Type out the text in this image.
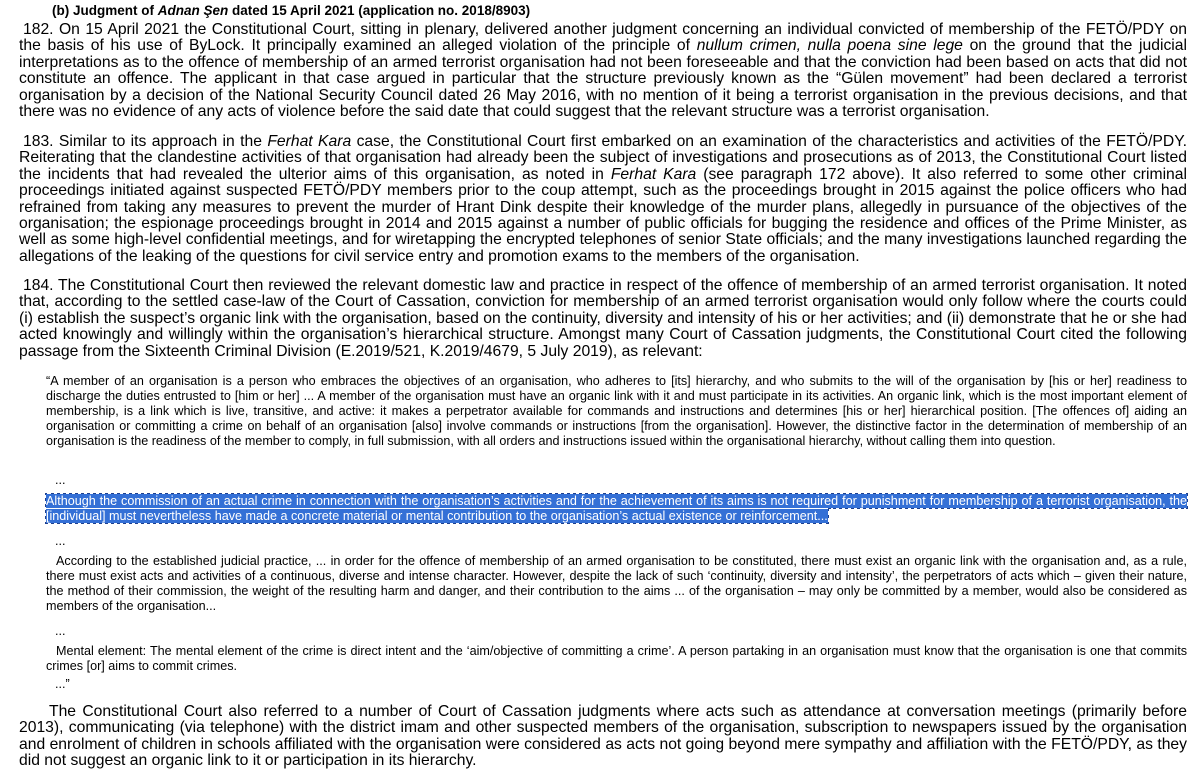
(b) Judgment of Adnan Şen dated 15 April 2021 (application no. 2018/8903)
182. On 15 April 2021 the Constitutional Court, sitting in plenary, delivered another judgment concerning an individual convicted of membership of the FETÖ/PDY on the basis of his use of ByLock. It principally examined an alleged violation of the principle of nullum crimen, nulla poena sine lege on the ground that the judicial interpretations as to the offence of membership of an armed terrorist organisation had not been foreseeable and that the conviction had been based on acts that did not constitute an offence. The applicant in that case argued in particular that the structure previously known as the “Gülen movement” had been declared a terrorist organisation by a decision of the National Security Council dated 26 May 2016, with no mention of it being a terrorist organisation in the previous decisions, and that there was no evidence of any acts of violence before the said date that could suggest that the relevant structure was a terrorist organisation.
183. Similar to its approach in the Ferhat Kara case, the Constitutional Court first embarked on an examination of the characteristics and activities of the FETÖ/PDY. Reiterating that the clandestine activities of that organisation had already been the subject of investigations and prosecutions as of 2013, the Constitutional Court listed the incidents that had revealed the ulterior aims of this organisation, as noted in Ferhat Kara (see paragraph 172 above). It also referred to some other criminal proceedings initiated against suspected FETÖ/PDY members prior to the coup attempt, such as the proceedings brought in 2015 against the police officers who had refrained from taking any measures to prevent the murder of Hrant Dink despite their knowledge of the murder plans, allegedly in pursuance of the objectives of the organisation; the espionage proceedings brought in 2014 and 2015 against a number of public officials for bugging the residence and offices of the Prime Minister, as well as some high-level confidential meetings, and for wiretapping the encrypted telephones of senior State officials; and the many investigations launched regarding the allegations of the leaking of the questions for civil service entry and promotion exams to the members of the organisation.
184. The Constitutional Court then reviewed the relevant domestic law and practice in respect of the offence of membership of an armed terrorist organisation. It noted that, according to the settled case-law of the Court of Cassation, conviction for membership of an armed terrorist organisation would only follow where the courts could (i) establish the suspect’s organic link with the organisation, based on the continuity, diversity and intensity of his or her activities; and (ii) demonstrate that he or she had acted knowingly and willingly within the organisation’s hierarchical structure. Amongst many Court of Cassation judgments, the Constitutional Court cited the following passage from the Sixteenth Criminal Division (E.2019/521, K.2019/4679, 5 July 2019), as relevant:
“A member of an organisation is a person who embraces the objectives of an organisation, who adheres to [its] hierarchy, and who submits to the will of the organisation by [his or her] readiness to discharge the duties entrusted to [him or her] ... A member of the organisation must have an organic link with it and must participate in its activities. An organic link, which is the most important element of membership, is a link which is live, transitive, and active: it makes a perpetrator available for commands and instructions and determines [his or her] hierarchical position. [The offences of] aiding an organisation or committing a crime on behalf of an organisation [also] involve commands or instructions [from the organisation]. However, the distinctive factor in the determination of membership of an organisation is the readiness of the member to comply, in full submission, with all orders and instructions issued within the organisational hierarchy, without calling them into question.
...
Although the commission of an actual crime in connection with the organisation’s activities and for the achievement of its aims is not required for punishment for membership of a terrorist organisation, the [individual] must nevertheless have made a concrete material or mental contribution to the organisation’s actual existence or reinforcement...
...
According to the established judicial practice, ... in order for the offence of membership of an armed organisation to be constituted, there must exist an organic link with the organisation and, as a rule, there must exist acts and activities of a continuous, diverse and intense character. However, despite the lack of such ‘continuity, diversity and intensity’, the perpetrators of acts which – given their nature, the method of their commission, the weight of the resulting harm and danger, and their contribution to the aims ... of the organisation – may only be committed by a member, would also be considered as members of the organisation...
...
Mental element: The mental element of the crime is direct intent and the ‘aim/objective of committing a crime’. A person partaking in an organisation must know that the organisation is one that commits crimes [or] aims to commit crimes.
...”
The Constitutional Court also referred to a number of Court of Cassation judgments where acts such as attendance at conversation meetings (primarily before 2013), communicating (via telephone) with the district imam and other suspected members of the organisation, subscription to newspapers issued by the organisation and enrolment of children in schools affiliated with the organisation were considered as acts not going beyond mere sympathy and affiliation with the FETÖ/PDY, as they did not suggest an organic link to it or participation in its hierarchy.
